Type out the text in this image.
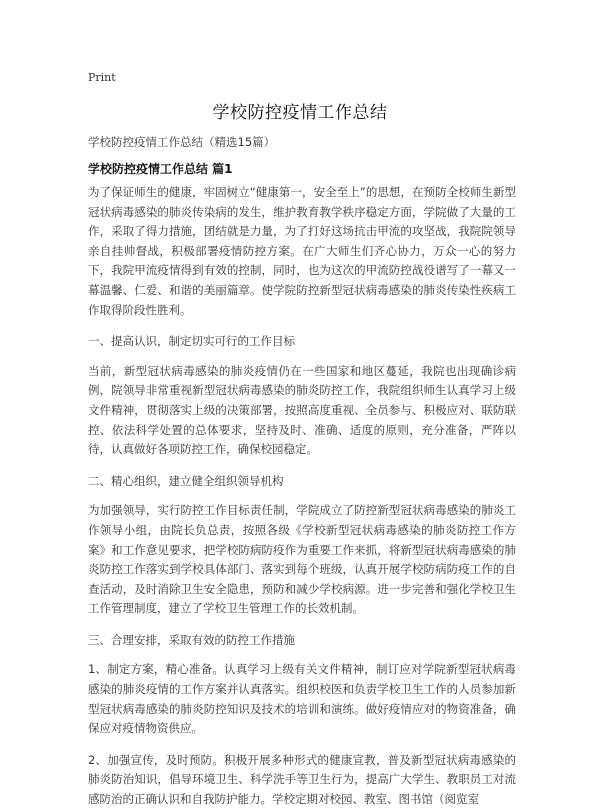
Print
学校防控疫情工作总结
学校防控疫情工作总结（精选15篇）
学校防控疫情工作总结 篇1

为了保证师生的健康，牢固树立“健康第一，安全至上”的思想，在预防全校师生新型冠状病毒感染的肺炎传染病的发生，维护教育教学秩序稳定方面，学院做了大量的工作，采取了得力措施，团结就是力量，为了打好这场抗击甲流的攻坚战，我院院领导亲自挂帅督战，积极部署疫情防控方案。在广大师生们齐心协力，万众一心的努力下，我院甲流疫情得到有效的控制，同时，也为这次的甲流防控战役谱写了一幕又一幕温馨、仁爱、和谐的美丽篇章。使学院防控新型冠状病毒感染的肺炎传染性疾病工作取得阶段性胜利。

一、提高认识，制定切实可行的工作目标

当前，新型冠状病毒感染的肺炎疫情仍在一些国家和地区蔓延，我院也出现确诊病例，院领导非常重视新型冠状病毒感染的肺炎防控工作，我院组织师生认真学习上级文件精神，贯彻落实上级的决策部署，按照高度重视、全员参与、积极应对、联防联控、依法科学处置的总体要求，坚持及时、准确、适度的原则，充分准备，严阵以待，认真做好各项防控工作，确保校园稳定。

二、精心组织，建立健全组织领导机构

为加强领导，实行防控工作目标责任制，学院成立了防控新型冠状病毒感染的肺炎工作领导小组，由院长负总责，按照各级《学校新型冠状病毒感染的肺炎防控工作方案》和工作意见要求，把学校防病防疫作为重要工作来抓，将新型冠状病毒感染的肺炎防控工作落实到学校具体部门、落实到每个班级，认真开展学校防病防疫工作的自查活动，及时消除卫生安全隐患，预防和减少学校病源。进一步完善和强化学校卫生工作管理制度，建立了学校卫生管理工作的长效机制。

三、合理安排，采取有效的防控工作措施

1、制定方案，精心准备。认真学习上级有关文件精神，制订应对学院新型冠状病毒感染的肺炎疫情的工作方案并认真落实。组织校医和负责学校卫生工作的人员参加新型冠状病毒感染的肺炎防控知识及技术的培训和演练。做好疫情应对的物资准备，确保应对疫情物资供应。

2、加强宣传，及时预防。积极开展多种形式的健康宣教，普及新型冠状病毒感染的肺炎防治知识，倡导环境卫生、科学洗手等卫生行为，提高广大学生、教职员工对流感防治的正确认识和自我防护能力。学校定期对校园、教室、图书馆（阅览室
